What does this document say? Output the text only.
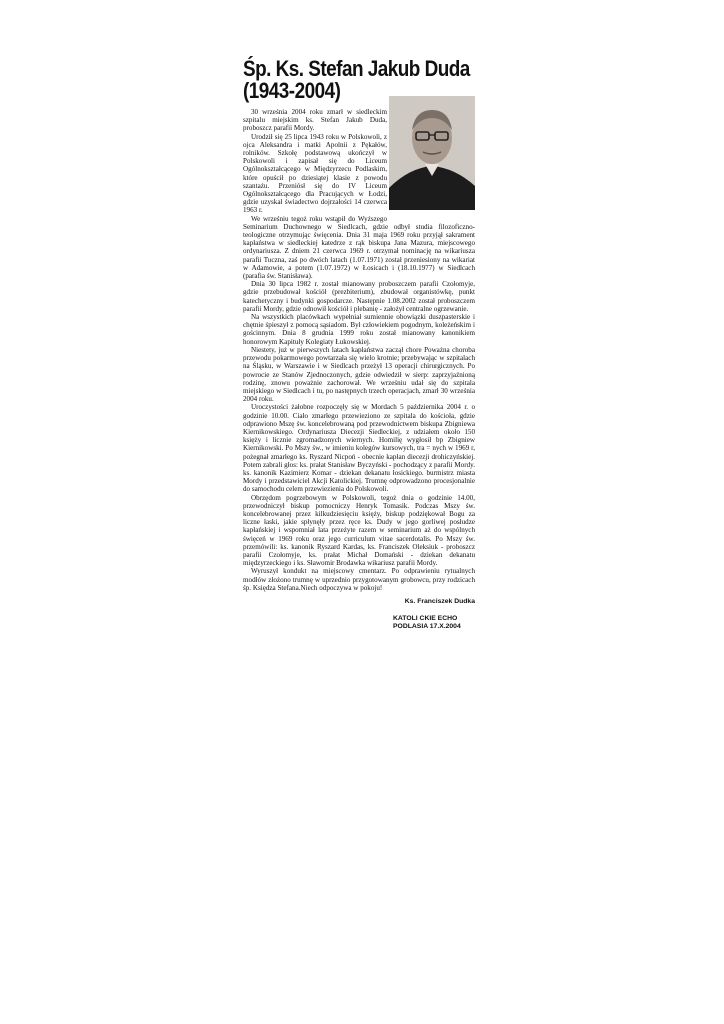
Śp. Ks. Stefan Jakub Duda
(1943-2004)

30 września 2004 roku zmarł w siedleckim szpitalu miejskim ks. Stefan Jakub Duda, proboszcz parafii Mordy.

Urodził się 25 lipca 1943 roku w Polskowoli, z ojca Aleksandra i matki Apolnii z Pękałów, rolników. Szkołę podstawową ukończył w Polskowoli i zapisał się do Liceum Ogólnokształcącego w Międzyrzecu Podlaskim, które opuścił po dziesiątej klasie z powodu szantażu. Przeniósł się do IV Liceum Ogólnokształcącego dla Pracujących w Łodzi, gdzie uzyskał świadectwo dojrzałości 14 czerwca 1963 r.

We wrześniu tegoż roku wstąpił do Wyższego Seminarium Duchownego w Siedlcach, gdzie odbył studia filozoficzno-teologiczne otrzymując święcenia. Dnia 31 maja 1969 roku przyjął sakrament kapłaństwa w siedleckiej katedrze z rąk biskupa Jana Mazura, miejscowego ordynariusza. Z dniem 21 czerwca 1969 r. otrzymał nominację na wikariusza parafii Tuczna, zaś po dwóch latach (1.07.1971) został przeniesiony na wikariat w Adamowie, a potem (1.07.1972) w Łosicach i (18.10.1977) w Siedlcach (parafia św. Stanisława).

Dnia 30 lipca 1982 r. został mianowany proboszczem parafii Czołomyje, gdzie przebudował kościół (prezbiterium), zbudował organistówkę, punkt katechetyczny i budynki gospodarcze. Następnie 1.08.2002 został proboszczem parafii Mordy, gdzie odnowił kościół i plebanię - założył centralne ogrzewanie.

Na wszystkich placówkach wypełniał sumiennie obowiązki duszpasterskie i chętnie śpieszył z pomocą sąsiadom. Był człowiekiem pogodnym, koleżeńskim i gościnnym. Dnia 8 grudnia 1999 roku został mianowany kanonikiem honorowym Kapituły Kolegiaty Łukowskiej.

Niestety, już w pierwszych latach kapłaństwa zaczął chore Poważna choroba przewodu pokarmowego powtarzała się wielo krotnie; przebywając w szpitalach na Śląsku, w Warszawie i w Siedlcach przeżył 13 operacji chirurgicznych. Po powrocie ze Stanów Zjednoczonych, gdzie odwiedził w sierp: zaprzyjaźnioną rodzinę, znowu poważnie zachorował. We wrześniu udał się do szpitala miejskiego w Siedlcach i tu, po następnych trzech operacjach, zmarł 30 września 2004 roku.

Uroczystości żałobne rozpoczęły się w Mordach 5 października 2004 r. o godzinie 10.00. Ciało zmarłego przewieziono ze szpitala do kościoła, gdzie odprawiono Mszę św. koncelebrowaną pod przewodnictwem biskupa Zbigniewa Kiernikowskiego. Ordynariusza Diecezji Siedleckiej, z udziałem około 150 księży i licznie zgromadzonych wiernych. Homilię wygłosił bp Zbigniew Kiernikowski. Po Mszy św., w imieniu kolegów kursowych, tra = nych w 1969 r, pożegnał zmarłego ks. Ryszard Nicpoń - obecnie kapłan diecezji drohiczyńskiej. Potem zabrali głos: ks. prałat Stanisław Byczyński - pochodzący z parafii Mordy. ks. kanonik Kazimierz Komar - dziekan dekanatu łosickiego. burmistrz miasta Mordy i przedstawiciel Akcji Katolickiej. Trumnę odprowadzono procesjonalnie do samochodu celem przewiezienia do Polskowoli.

Obrzędom pogrzebowym w Polskowoli, tegoż dnia o godzinie 14.00, przewodniczył biskup pomocniczy Henryk Tomasik. Podczas Mszy św. koncelebrowanej przez kilkudziesięciu księży, biskup podziękował Bogu za liczne łaski, jakie spłynęły przez ręce ks. Dudy w jego gorliwej posłudze kapłańskiej i wspomniał lata przeżyte razem w seminarium aż do wspólnych święceń w 1969 roku oraz jego curriculum vitae sacerdotalis. Po Mszy św. przemówili: ks. kanonik Ryszard Kardas, ks. Franciszek Oleksiuk - proboszcz parafii Czołomyje, ks. prałat Michał Domański - dziekan dekanatu międzyrzeckiego i ks. Sławomir Brodawka wikariusz parafii Mordy.

Wyruszył kondukt na miejscowy cmentarz. Po odprawieniu rytualnych modłów złożono trumnę w uprzednio przygotowanym grobowcu, przy rodzicach śp. Księdza Stefana.Niech odpoczywa w pokoju!

Ks. Franciszek Dudka
KATOLI CKIE ECHO
PODLASIA 17.X.2004
